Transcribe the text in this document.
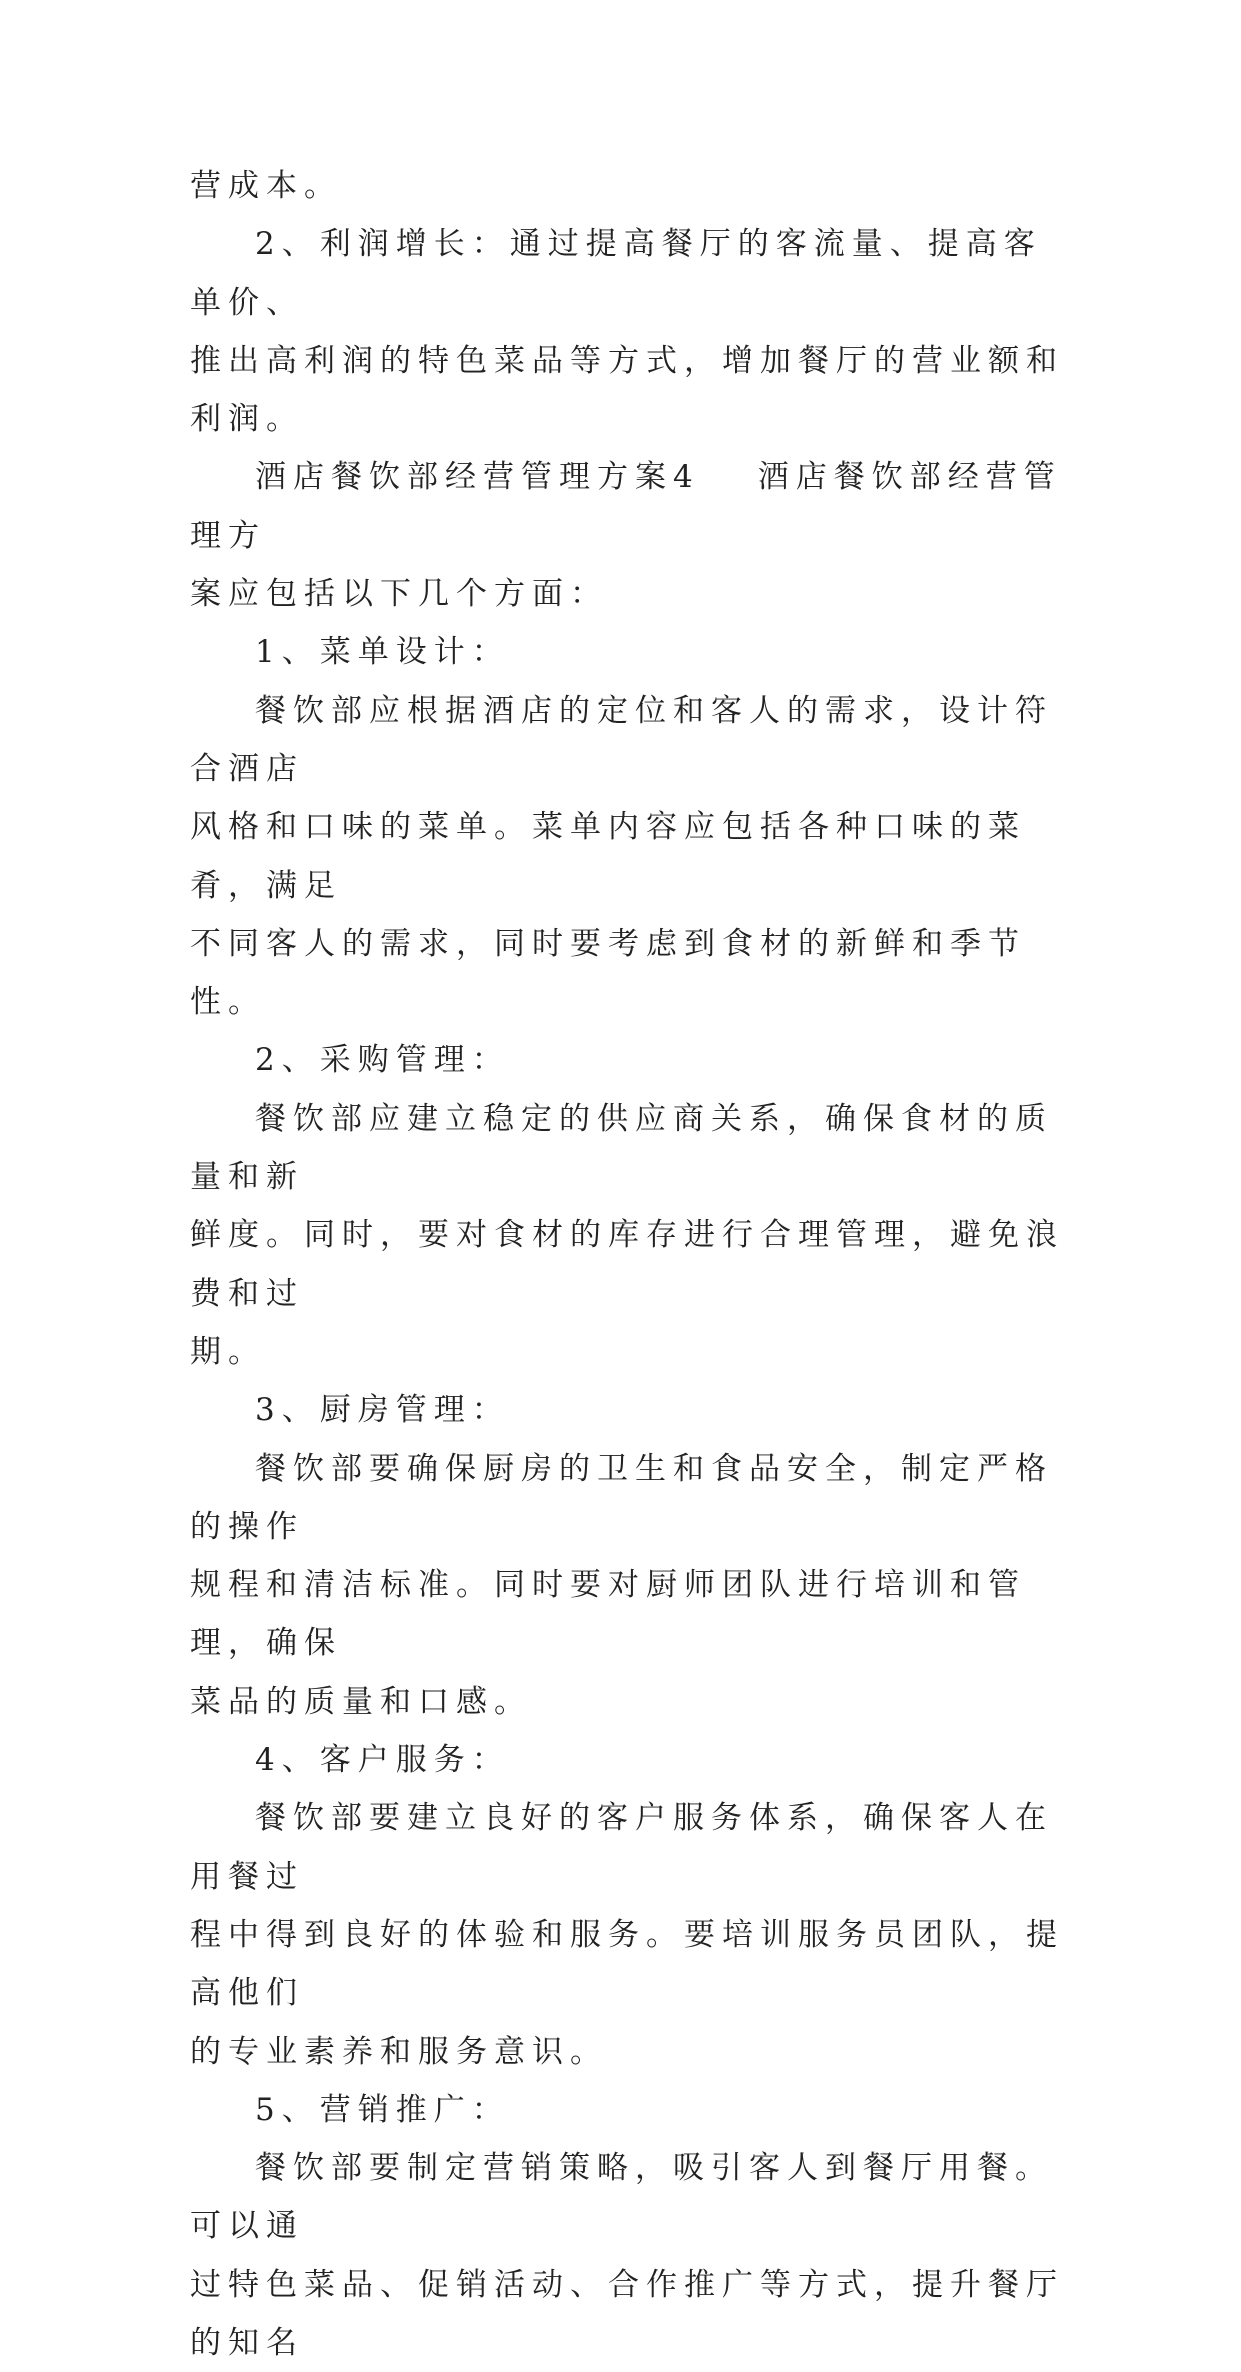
营成本。

2、利润增长：通过提高餐厅的客流量、提高客单价、

推出高利润的特色菜品等方式，增加餐厅的营业额和利润。

酒店餐饮部经营管理方案4 酒店餐饮部经营管理方

案应包括以下几个方面：

1、菜单设计：

餐饮部应根据酒店的定位和客人的需求，设计符合酒店

风格和口味的菜单。菜单内容应包括各种口味的菜肴，满足

不同客人的需求，同时要考虑到食材的新鲜和季节性。

2、采购管理：

餐饮部应建立稳定的供应商关系，确保食材的质量和新

鲜度。同时，要对食材的库存进行合理管理，避免浪费和过

期。

3、厨房管理：

餐饮部要确保厨房的卫生和食品安全，制定严格的操作

规程和清洁标准。同时要对厨师团队进行培训和管理，确保

菜品的质量和口感。

4、客户服务：

餐饮部要建立良好的客户服务体系，确保客人在用餐过

程中得到良好的体验和服务。要培训服务员团队，提高他们

的专业素养和服务意识。

5、营销推广：

餐饮部要制定营销策略，吸引客人到餐厅用餐。可以通

过特色菜品、促销活动、合作推广等方式，提升餐厅的知名
